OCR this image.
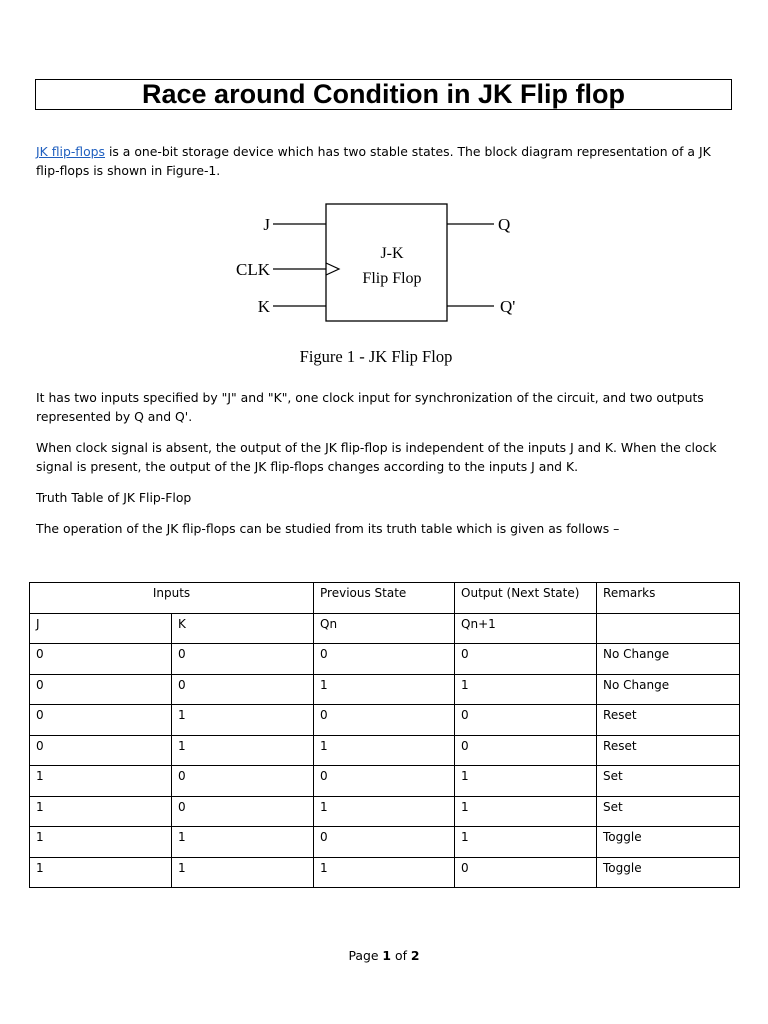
Race around Condition in JK Flip flop

JK flip-flops is a one-bit storage device which has two stable states. The block diagram representation of a JK flip-flops is shown in Figure-1.

J
CLK
K
Q
Q'
J-K
Flip Flop
Figure 1 - JK Flip Flop

It has two inputs specified by "J" and "K", one clock input for synchronization of the circuit, and two outputs represented by Q and Q'.

When clock signal is absent, the output of the JK flip-flop is independent of the inputs J and K. When the clock signal is present, the output of the JK flip-flops changes according to the inputs J and K.

Truth Table of JK Flip-Flop

The operation of the JK flip-flops can be studied from its truth table which is given as follows –

Inputs		Previous State	Output (Next State)	Remarks
J	K	Qn	Qn+1	
0	0	0	0	No Change
0	0	1	1	No Change
0	1	0	0	Reset
0	1	1	0	Reset
1	0	0	1	Set
1	0	1	1	Set
1	1	0	1	Toggle
1	1	1	0	Toggle
Page 1 of 2
